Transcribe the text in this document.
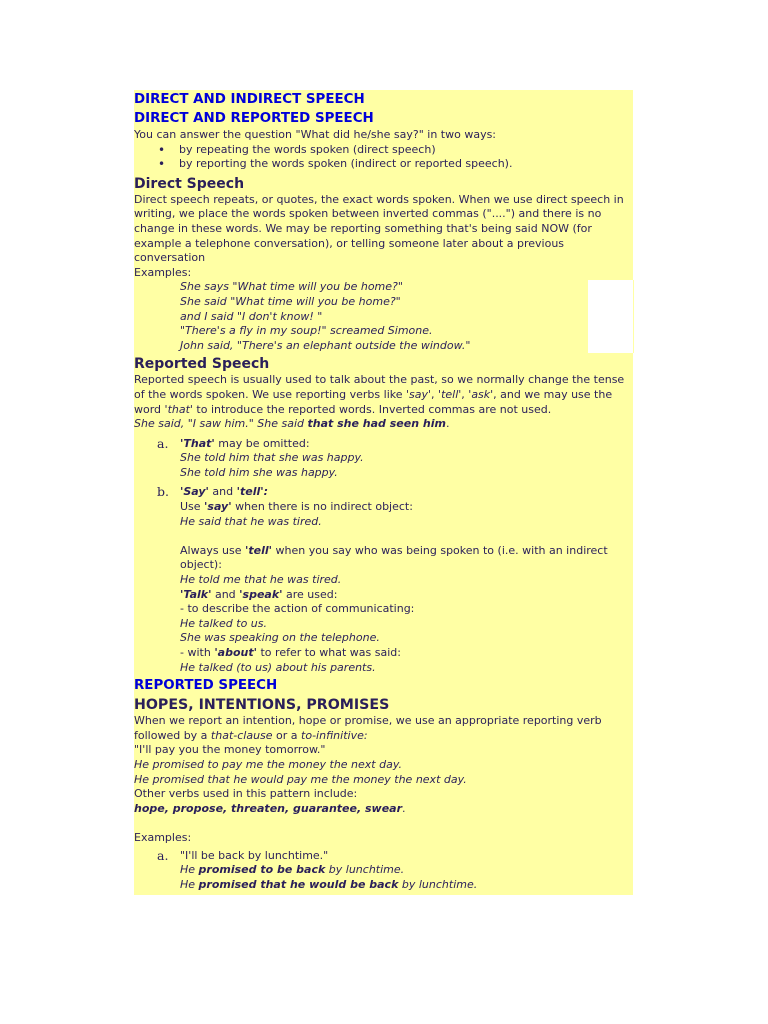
DIRECT AND INDIRECT SPEECH
DIRECT AND REPORTED SPEECH

You can answer the question "What did he/she say?" in two ways:

• by repeating the words spoken (direct speech)
• by reporting the words spoken (indirect or reported speech).
Direct Speech

Direct speech repeats, or quotes, the exact words spoken. When we use direct speech in writing, we place the words spoken between inverted commas ("....") and there is no change in these words. We may be reporting something that's being said NOW (for example a telephone conversation), or telling someone later about a previous conversation

Examples:

She says "What time will you be home?"

She said "What time will you be home?"

and I said "I don't know! "

"There's a fly in my soup!" screamed Simone.

John said, "There's an elephant outside the window."

Reported Speech

Reported speech is usually used to talk about the past, so we normally change the tense of the words spoken. We use reporting verbs like 'say', 'tell', 'ask', and we may use the word 'that' to introduce the reported words. Inverted commas are not used.

She said, "I saw him." She said that she had seen him.

a. 'That' may be omitted:

She told him that she was happy.

She told him she was happy.

b. 'Say' and 'tell':

Use 'say' when there is no indirect object:

He said that he was tired.

Always use 'tell' when you say who was being spoken to (i.e. with an indirect object):

He told me that he was tired.

'Talk' and 'speak' are used:

- to describe the action of communicating:

He talked to us.

She was speaking on the telephone.

- with 'about' to refer to what was said:

He talked (to us) about his parents.

REPORTED SPEECH
HOPES, INTENTIONS, PROMISES

When we report an intention, hope or promise, we use an appropriate reporting verb followed by a that-clause or a to-infinitive:

"I'll pay you the money tomorrow."

He promised to pay me the money the next day.

He promised that he would pay me the money the next day.

Other verbs used in this pattern include:

hope, propose, threaten, guarantee, swear.

Examples:

a. "I'll be back by lunchtime."

He promised to be back by lunchtime.

He promised that he would be back by lunchtime.
